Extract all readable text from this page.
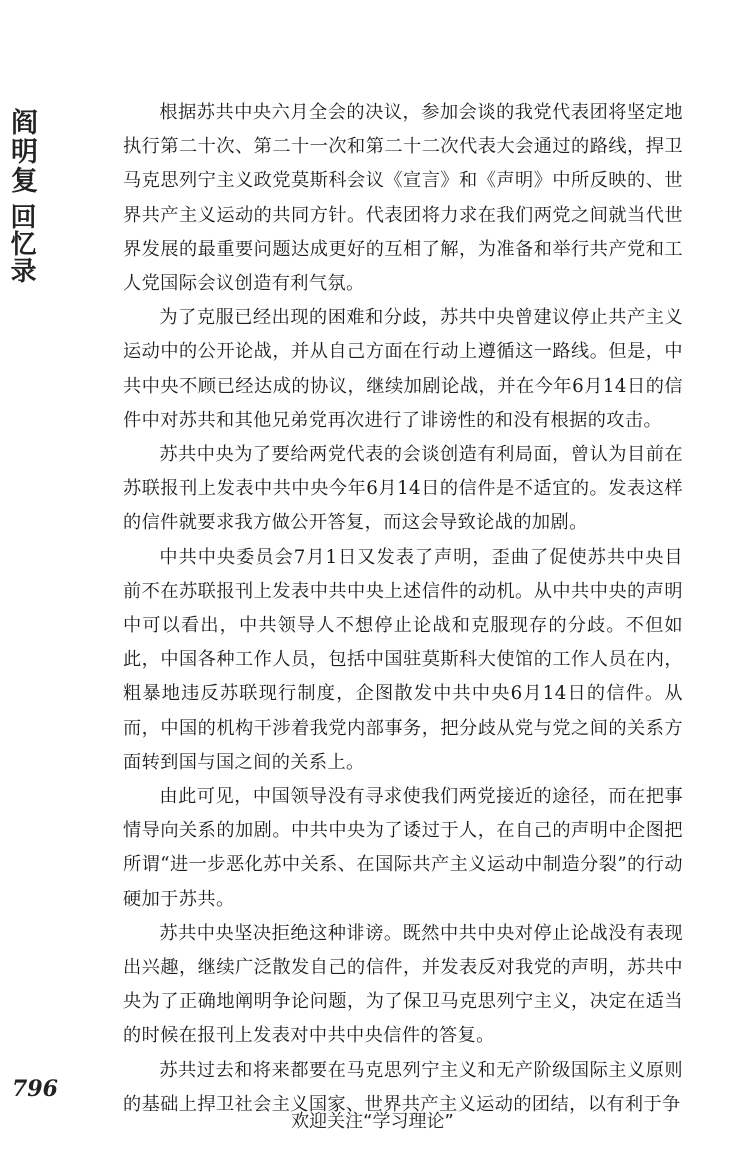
阎明复 回忆录

根据苏共中央六月全会的决议，参加会谈的我党代表团将坚定地执行第二十次、第二十一次和第二十二次代表大会通过的路线，捍卫马克思列宁主义政党莫斯科会议《宣言》和《声明》中所反映的、世界共产主义运动的共同方针。代表团将力求在我们两党之间就当代世界发展的最重要问题达成更好的互相了解，为准备和举行共产党和工人党国际会议创造有利气氛。

为了克服已经出现的困难和分歧，苏共中央曾建议停止共产主义运动中的公开论战，并从自己方面在行动上遵循这一路线。但是，中共中央不顾已经达成的协议，继续加剧论战，并在今年6月14日的信件中对苏共和其他兄弟党再次进行了诽谤性的和没有根据的攻击。

苏共中央为了要给两党代表的会谈创造有利局面，曾认为目前在苏联报刊上发表中共中央今年6月14日的信件是不适宜的。发表这样的信件就要求我方做公开答复，而这会导致论战的加剧。

中共中央委员会7月1日又发表了声明，歪曲了促使苏共中央目前不在苏联报刊上发表中共中央上述信件的动机。从中共中央的声明中可以看出，中共领导人不想停止论战和克服现存的分歧。不但如此，中国各种工作人员，包括中国驻莫斯科大使馆的工作人员在内，粗暴地违反苏联现行制度，企图散发中共中央6月14日的信件。从而，中国的机构干涉着我党内部事务，把分歧从党与党之间的关系方面转到国与国之间的关系上。

由此可见，中国领导没有寻求使我们两党接近的途径，而在把事情导向关系的加剧。中共中央为了诿过于人，在自己的声明中企图把所谓“进一步恶化苏中关系、在国际共产主义运动中制造分裂”的行动硬加于苏共。

苏共中央坚决拒绝这种诽谤。既然中共中央对停止论战没有表现出兴趣，继续广泛散发自己的信件，并发表反对我党的声明，苏共中央为了正确地阐明争论问题，为了保卫马克思列宁主义，决定在适当的时候在报刊上发表对中共中央信件的答复。

苏共过去和将来都要在马克思列宁主义和无产阶级国际主义原则的基础上捍卫社会主义国家、世界共产主义运动的团结，以有利于争

796
欢迎关注“学习理论”
